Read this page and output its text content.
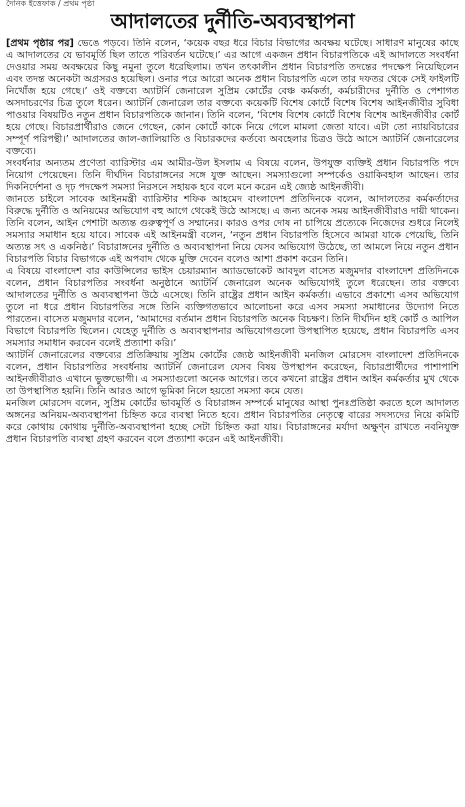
দৈনিক ইত্তেফাক / প্রথম পৃষ্ঠা
আদালতের দুর্নীতি-অব্যবস্থাপনা

[প্রথম পৃষ্ঠার পর] ভেঙে পড়বে। তিনি বলেন, ‘কয়েক বছর ধরে বিচার বিভাগের অবক্ষয় ঘটেছে। সাধারণ মানুষের কাছে এ আদালতের যে ভাবমূর্তি ছিল তাতে পরিবর্তন ঘটেছে।’ এর আগে একজন প্রধান বিচারপতিকে এই আদালতে সংবর্ধনা দেওয়ার সময় অবক্ষয়ের কিছু নমুনা তুলে ধরেছিলাম। তখন তৎকালীন প্রধান বিচারপতি তদন্তের পদক্ষেপ নিয়েছিলেন এবং তদন্ত অনেকটা অগ্রসরও হয়েছিল। ওনার পরে আরো অনেক প্রধান বিচারপতি এলে তার দফতর থেকে সেই ফাইলটি নিখোঁজ হয়ে গেছে।’ ওই বক্তব্যে অ্যাটর্নি জেনারেল সুপ্রিম কোর্টের বেঞ্চ কর্মকর্তা, কর্মচারীদের দুর্নীতি ও পেশাগত অসদাচরণের চিত্র তুলে ধরেন। অ্যাটর্নি জেনারেল তার বক্তব্যে কয়েকটি বিশেষ কোর্টে বিশেষ বিশেষ আইনজীবীর সুবিধা পাওয়ার বিষয়টিও নতুন প্রধান বিচারপতিকে জানান। তিনি বলেন, ‘বিশেষ বিশেষ কোর্টে বিশেষ বিশেষ আইনজীবীর কোর্ট হয়ে গেছে। বিচারপ্রার্থীরাও জেনে গেছেন, কোন কোর্টে কাকে নিয়ে গেলে মামলা জেতা যাবে। এটা তো ন্যায়বিচারের সম্পূর্ণ পরিপন্থী।’ আদালতের জাল-জালিয়াতি ও বিচারকদের কর্তব্যে অবহেলার চিত্রও উঠে আসে অ্যাটর্নি জেনারেলের বক্তব্যে।

সংবর্ধনার অন্যতম প্রণেতা ব্যারিস্টার এম আমীর-উল ইসলাম এ বিষয়ে বলেন, উপযুক্ত ব্যক্তিই প্রধান বিচারপতি পদে নিয়োগ পেয়েছেন। তিনি দীর্ঘদিন বিচারাঙ্গনের সঙ্গে যুক্ত আছেন। সমস্যাগুলো সম্পর্কেও ওয়াকিবহাল আছেন। তার দিকনির্দেশনা ও দৃঢ় পদক্ষেপ সমস্যা নিরসনে সহায়ক হবে বলে মনে করেন এই জ্যেষ্ঠ আইনজীবী।

জানতে চাইলে সাবেক আইনমন্ত্রী ব্যারিস্টার শফিক আহমেদ বাংলাদেশ প্রতিদিনকে বলেন, আদালতের কর্মকর্তাদের বিরুদ্ধে দুর্নীতি ও অনিয়মের অভিযোগ বহু আগে থেকেই উঠে আসছে। এ জন্য অনেক সময় আইনজীবীরাও দায়ী থাকেন। তিনি বলেন, আইন পেশাটা অত্যন্ত গুরুত্বপূর্ণ ও সম্মানের। কারও ওপর দোষ না চাপিয়ে প্রত্যেকে নিজেদের শুধরে নিলেই সমস্যার সমাধান হয়ে যাবে। সাবেক এই আইনমন্ত্রী বলেন, ‘নতুন প্রধান বিচারপতি হিসেবে আমরা যাকে পেয়েছি, তিনি অত্যন্ত সৎ ও একনিষ্ঠ।’ বিচারাঙ্গনের দুর্নীতি ও অব্যবস্থাপনা নিয়ে যেসব অভিযোগ উঠেছে, তা আমলে নিয়ে নতুন প্রধান বিচারপতি বিচার বিভাগকে এই অপবাদ থেকে মুক্তি দেবেন বলেও আশা প্রকাশ করেন তিনি।

এ বিষয়ে বাংলাদেশ বার কাউন্সিলের ভাইস চেয়ারম্যান অ্যাডভোকেট আবদুল বাসেত মজুমদার বাংলাদেশ প্রতিদিনকে বলেন, প্রধান বিচারপতির সংবর্ধনা অনুষ্ঠানে অ্যাটর্নি জেনারেল অনেক অভিযোগই তুলে ধরেছেন। তার বক্তব্যে আদালতের দুর্নীতি ও অব্যবস্থাপনা উঠে এসেছে। তিনি রাষ্ট্রের প্রধান আইন কর্মকর্তা। এভাবে প্রকাশ্যে এসব অভিযোগ তুলে না ধরে প্রধান বিচারপতির সঙ্গে তিনি ব্যক্তিগতভাবে আলোচনা করে এসব সমস্যা সমাধানের উদ্যোগ নিতে পারতেন। বাসেত মজুমদার বলেন, ‘আমাদের বর্তমান প্রধান বিচারপতি অনেক বিচক্ষণ। তিনি দীর্ঘদিন হাই কোর্ট ও আপিল বিভাগে বিচারপতি ছিলেন। যেহেতু দুর্নীতি ও অব্যবস্থাপনার অভিযোগগুলো উপস্থাপিত হয়েছে, প্রধান বিচারপতি এসব সমস্যার সমাধান করবেন বলেই প্রত্যাশা করি।’

অ্যাটর্নি জেনারেলের বক্তব্যের প্রতিক্রিয়ায় সুপ্রিম কোর্টের জ্যেষ্ঠ আইনজীবী মনজিল মোরসেদ বাংলাদেশ প্রতিদিনকে বলেন, প্রধান বিচারপতির সংবর্ধনায় অ্যাটর্নি জেনারেল যেসব বিষয় উপস্থাপন করেছেন, বিচারপ্রার্থীদের পাশাপাশি আইনজীবীরাও এখানে ভুক্তভোগী। এ সমস্যাগুলো অনেক আগের। তবে কখনো রাষ্ট্রের প্রধান আইন কর্মকর্তার মুখ থেকে তা উপস্থাপিত হয়নি। তিনি আরও আগে ভূমিকা নিলে হয়তো সমস্যা কমে যেত।

মনজিল মোরসেদ বলেন, সুপ্রিম কোর্টের ভাবমূর্তি ও বিচারাঙ্গন সম্পর্কে মানুষের আস্থা পুনঃপ্রতিষ্ঠা করতে হলে আদালত অঙ্গনের অনিয়ম-অব্যবস্থাপনা চিহ্নিত করে ব্যবস্থা নিতে হবে। প্রধান বিচারপতির নেতৃত্বে বারের সদস্যদের নিয়ে কমিটি করে কোথায় কোথায় দুর্নীতি-অব্যবস্থাপনা হচ্ছে সেটা চিহ্নিত করা যায়। বিচারাঙ্গনের মর্যাদা অক্ষুণ্ন রাখতে নবনিযুক্ত প্রধান বিচারপতি ব্যবস্থা গ্রহণ করবেন বলে প্রত্যাশা করেন এই আইনজীবী।
